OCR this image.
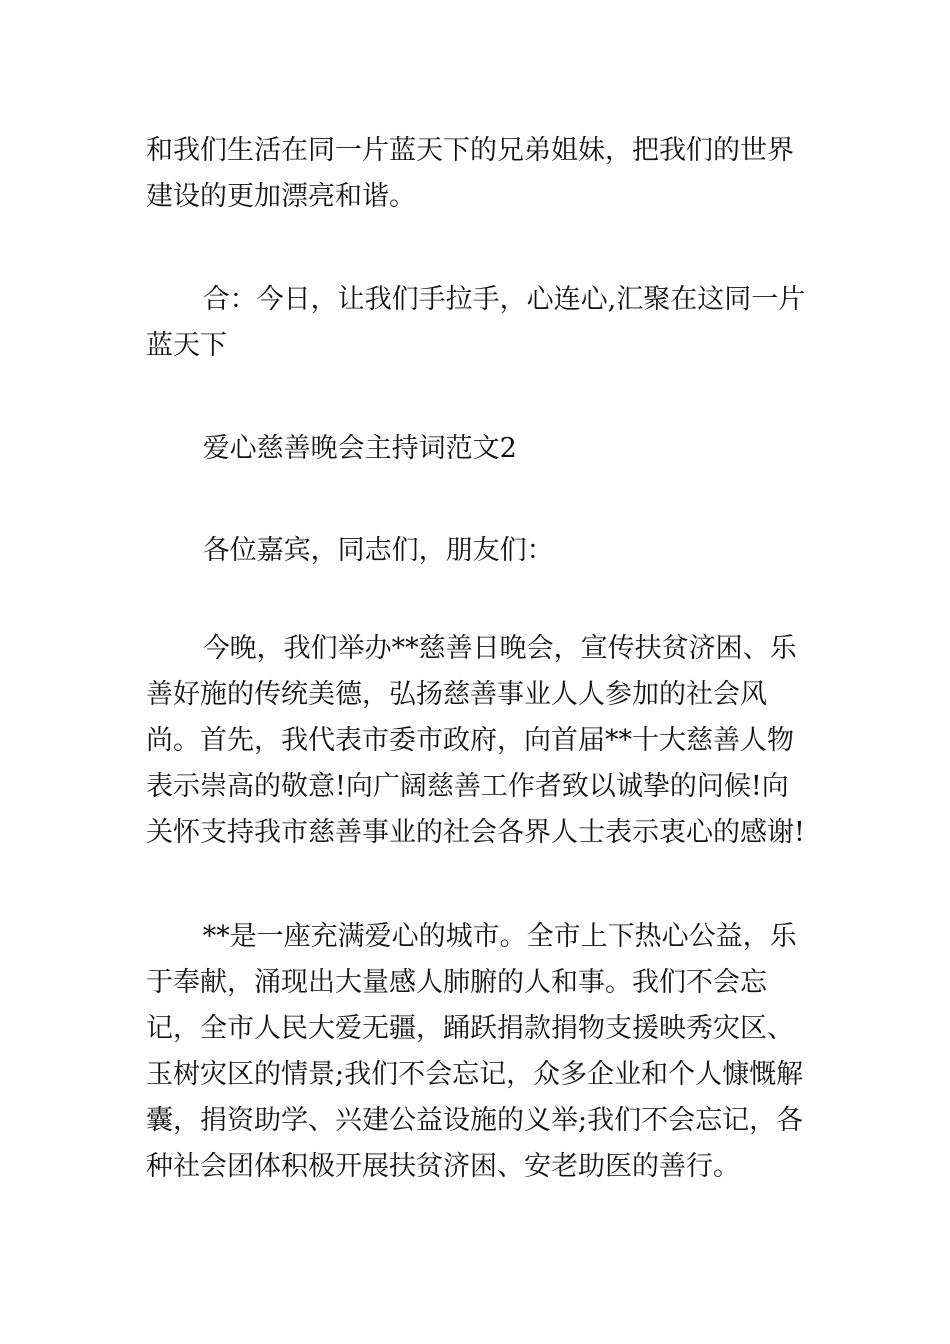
和我们生活在同一片蓝天下的兄弟姐妹，把我们的世界建设的更加漂亮和谐。

合：今日，让我们手拉手，心连心,汇聚在这同一片蓝天下

爱心慈善晚会主持词范文2

各位嘉宾，同志们，朋友们：

今晚，我们举办**慈善日晚会，宣传扶贫济困、乐善好施的传统美德，弘扬慈善事业人人参加的社会风尚。首先，我代表市委市政府，向首届**十大慈善人物表示崇高的敬意!向广阔慈善工作者致以诚挚的问候!向关怀支持我市慈善事业的社会各界人士表示衷心的感谢!

**是一座充满爱心的城市。全市上下热心公益，乐于奉献，涌现出大量感人肺腑的人和事。我们不会忘记，全市人民大爱无疆，踊跃捐款捐物支援映秀灾区、玉树灾区的情景;我们不会忘记，众多企业和个人慷慨解囊，捐资助学、兴建公益设施的义举;我们不会忘记，各种社会团体积极开展扶贫济困、安老助医的善行。
